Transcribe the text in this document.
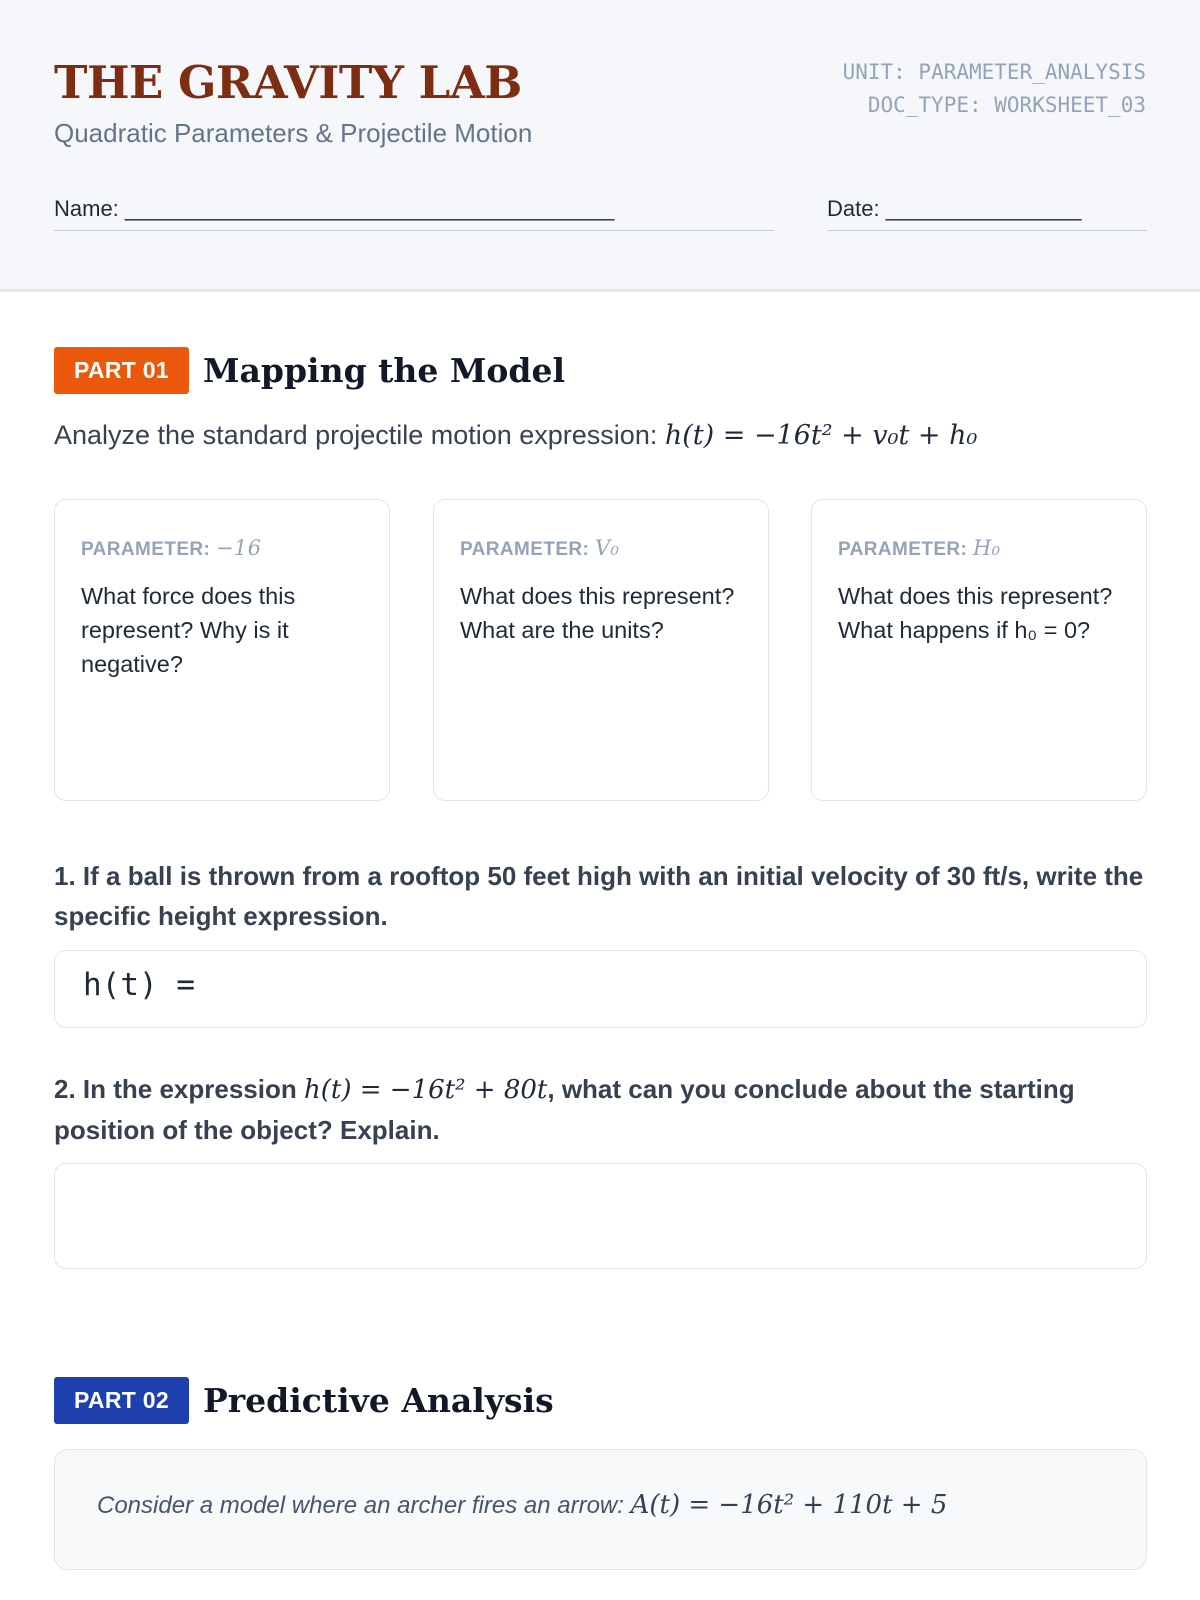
THE GRAVITY LAB
Quadratic Parameters & Projectile Motion
UNIT: PARAMETER_ANALYSIS
DOC_TYPE: WORKSHEET_03
Name: ________________________________________	Date: ________________
PART 01	Mapping the Model
Analyze the standard projectile motion expression: h(t) = −16t² + v₀t + h₀
PARAMETER: −16
What force does this represent? Why is it negative?
PARAMETER: V₀
What does this represent? What are the units?
PARAMETER: H₀
What does this represent? What happens if h₀ = 0?
1. If a ball is thrown from a rooftop 50 feet high with an initial velocity of 30 ft/s, write the specific height expression.
h(t) =
2. In the expression h(t) = −16t² + 80t, what can you conclude about the starting position of the object? Explain.
PART 02	Predictive Analysis
Consider a model where an archer fires an arrow: A(t) = −16t² + 110t + 5
